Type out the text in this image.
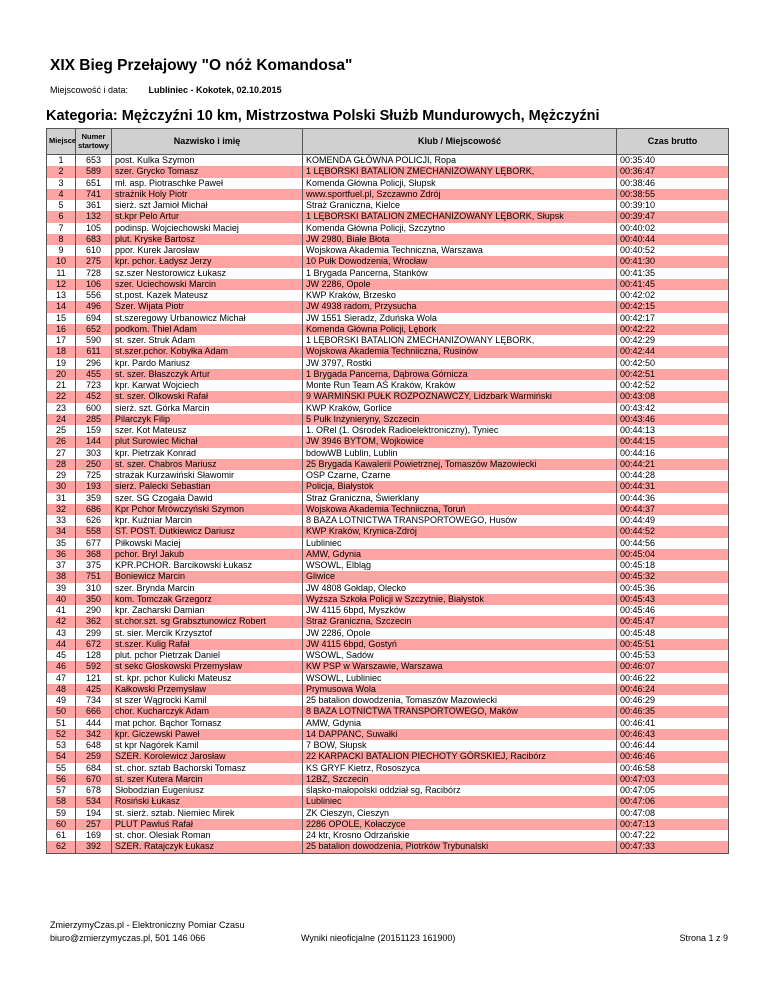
XIX Bieg Przełajowy "O nóż Komandosa"
Miejscowość i data: Lubliniec - Kokotek, 02.10.2015
Kategoria: Mężczyźni 10 km, Mistrzostwa Polski Służb Mundurowych, Mężczyźni
Miejsce	Numer startowy	Nazwisko i imię	Klub / Miejscowość	Czas brutto
1	653	post. Kulka Szymon	KOMENDA GŁÓWNA POLICJI, Ropa	00:35:40
2	589	szer. Grycko Tomasz	1 LĘBORSKI BATALION ZMECHANIZOWANY LĘBORK,	00:36:47
3	651	mł. asp. Piotraschke Paweł	Komenda Główna Policji, Słupsk	00:38:46
4	741	strażnik Holy Piotr	www.sportfuel.pl, Szczawno Zdrój	00:38:55
5	361	sierż. szt Jamioł Michał	Straż Graniczna, Kielce	00:39:10
6	132	st.kpr Pelo Artur	1 LĘBORSKI BATALION ZMECHANIZOWANY LĘBORK, Słupsk	00:39:47
7	105	podinsp. Wojciechowski Maciej	Komenda Główna Policji, Szczytno	00:40:02
8	683	plut. Kryske Bartosz	JW 2980, Białe Błota	00:40:44
9	610	ppor. Kurek Jarosław	Wojskowa Akademia Techniczna, Warszawa	00:40:52
10	275	kpr. pchor. Ładysz Jerzy	10 Pułk Dowodzenia, Wrocław	00:41:30
11	728	sz.szer Nestorowicz Łukasz	1 Brygada Pancerna, Stanków	00:41:35
12	106	szer. Uciechowski Marcin	JW 2286, Opole	00:41:45
13	556	st.post. Kazek Mateusz	KWP Kraków, Brzesko	00:42:02
14	496	Szer. Wijata Piotr	JW 4938 radom, Przysucha	00:42:15
15	694	st.szeregowy Urbanowicz Michał	JW 1551 Sieradz, Zduńska Wola	00:42:17
16	652	podkom. Thiel Adam	Komenda Główna Policji, Lębork	00:42:22
17	590	st. szer. Struk Adam	1 LĘBORSKI BATALION ZMECHANIZOWANY LĘBORK,	00:42:29
18	611	st.szer.pchor. Kobyłka Adam	Wojskowa Akademia Techniiczna, Rusinów	00:42:44
19	296	kpr. Pardo Mariusz	JW 3797, Rostki	00:42:50
20	455	st. szer. Błaszczyk Artur	1 Brygada Pancerna, Dąbrowa Górnicza	00:42:51
21	723	kpr. Karwat Wojciech	Monte Run Team AŚ Kraków, Kraków	00:42:52
22	452	st. szer. Olkowski Rafał	9 WARMIŃSKI PUŁK ROZPOZNAWCZY, Lidzbark Warmiński	00:43:08
23	600	sierż. szt. Górka Marcin	KWP Kraków, Gorlice	00:43:42
24	285	Pilarczyk Filip	5 Pułk Inżynieryny, Szczecin	00:43:46
25	159	szer. Kot Mateusz	1. ORel (1. Ośrodek Radioelektroniczny), Tyniec	00:44:13
26	144	plut Surowiec Michał	JW 3946 BYTOM, Wojkowice	00:44:15
27	303	kpr. Pietrzak Konrad	bdowWB Lublin, Lublin	00:44:16
28	250	st. szer. Chabros Mariusz	25 Brygada Kawalerii Powietrznej, Tomaszów Mazowiecki	00:44:21
29	725	strażak Kurzawiński Sławomir	OSP Czarne, Czarne	00:44:28
30	193	sierż. Palecki Sebastian	Policja, Białystok	00:44:31
31	359	szer. SG Czogała Dawid	Straż Graniczna, Świerklany	00:44:36
32	686	Kpr Pchor Mrówczyński Szymon	Wojskowa Akademia Techniiczna, Toruń	00:44:37
33	626	kpr. Kuźniar Marcin	8 BAZA LOTNICTWA TRANSPORTOWEGO, Husów	00:44:49
34	558	ST. POST. Dutkiewicz Dariusz	KWP Kraków, Krynica-Zdrój	00:44:52
35	677	Piłkowski Maciej	Lubliniec	00:44:56
36	368	pchor. Bryl Jakub	AMW, Gdynia	00:45:04
37	375	KPR.PCHOR. Barcikowski Łukasz	WSOWL, Elbląg	00:45:18
38	751	Boniewicz Marcin	Gliwice	00:45:32
39	310	szer. Brynda Marcin	JW 4808 Gołdap, Olecko	00:45:36
40	350	kom. Tomczak Grzegorz	Wyższa Szkoła Policji w Szczytnie, Białystok	00:45:43
41	290	kpr. Zacharski Damian	JW 4115 6bpd, Myszków	00:45:46
42	362	st.chor.szt. sg Grabsztunowicz Robert	Straż Graniczna, Szczecin	00:45:47
43	299	st. sier. Mercik Krzysztof	JW 2286, Opole	00:45:48
44	672	st.szer. Kulig Rafał	JW 4115 6bpd, Gostyń	00:45:51
45	128	plut. pchor Pietrzak Daniel	WSOWL, Sadów	00:45:53
46	592	st sekc Głoskowski Przemysław	KW PSP w Warszawie, Warszawa	00:46:07
47	121	st. kpr. pchor Kulicki Mateusz	WSOWL, Lubliniec	00:46:22
48	425	Kałkowski Przemysław	Prymusowa Wola	00:46:24
49	734	st szer Wągrocki Kamil	25 batalion dowodzenia, Tomaszów Mazowiecki	00:46:29
50	666	chor. Kucharczyk Adam	8 BAZA LOTNICTWA TRANSPORTOWEGO, Maków	00:46:35
51	444	mat pchor. Bąchor Tomasz	AMW, Gdynia	00:46:41
52	342	kpr. Giczewski Paweł	14 DAPPANC, Suwałki	00:46:43
53	648	st kpr Nagórek Kamil	7 BOW, Słupsk	00:46:44
54	259	SZER. Korolewicz Jarosław	22 KARPACKI BATALION PIECHOTY GÓRSKIEJ, Racibórz	00:46:46
55	684	st. chor. sztab Bachorski Tomasz	KS GRYF Kietrz, Rososzyca	00:46:58
56	670	st. szer Kutera Marcin	12BZ, Szczecin	00:47:03
57	678	Słobodzian Eugeniusz	śląsko-małopolski oddział sg, Racibórz	00:47:05
58	534	Rosiński Łukasz	Lubliniec	00:47:06
59	194	st. sierż. sztab. Niemiec Mirek	ZK Cieszyn, Cieszyn	00:47:08
60	257	PLUT Pawluś Rafał	2286 OPOLE, Kołaczyce	00:47:13
61	169	st. chor. Olesiak Roman	24 ktr, Krosno Odrzańskie	00:47:22
62	392	SZER. Ratajczyk Łukasz	25 batalion dowodzenia, Piotrków Trybunalski	00:47:33
ZmierzymyCzas.pl - Elektroniczny Pomiar Czasu
biuro@zmierzymyczas.pl, 501 146 066	Wyniki nieoficjalne (20151123 161900)	Strona 1 z 9
